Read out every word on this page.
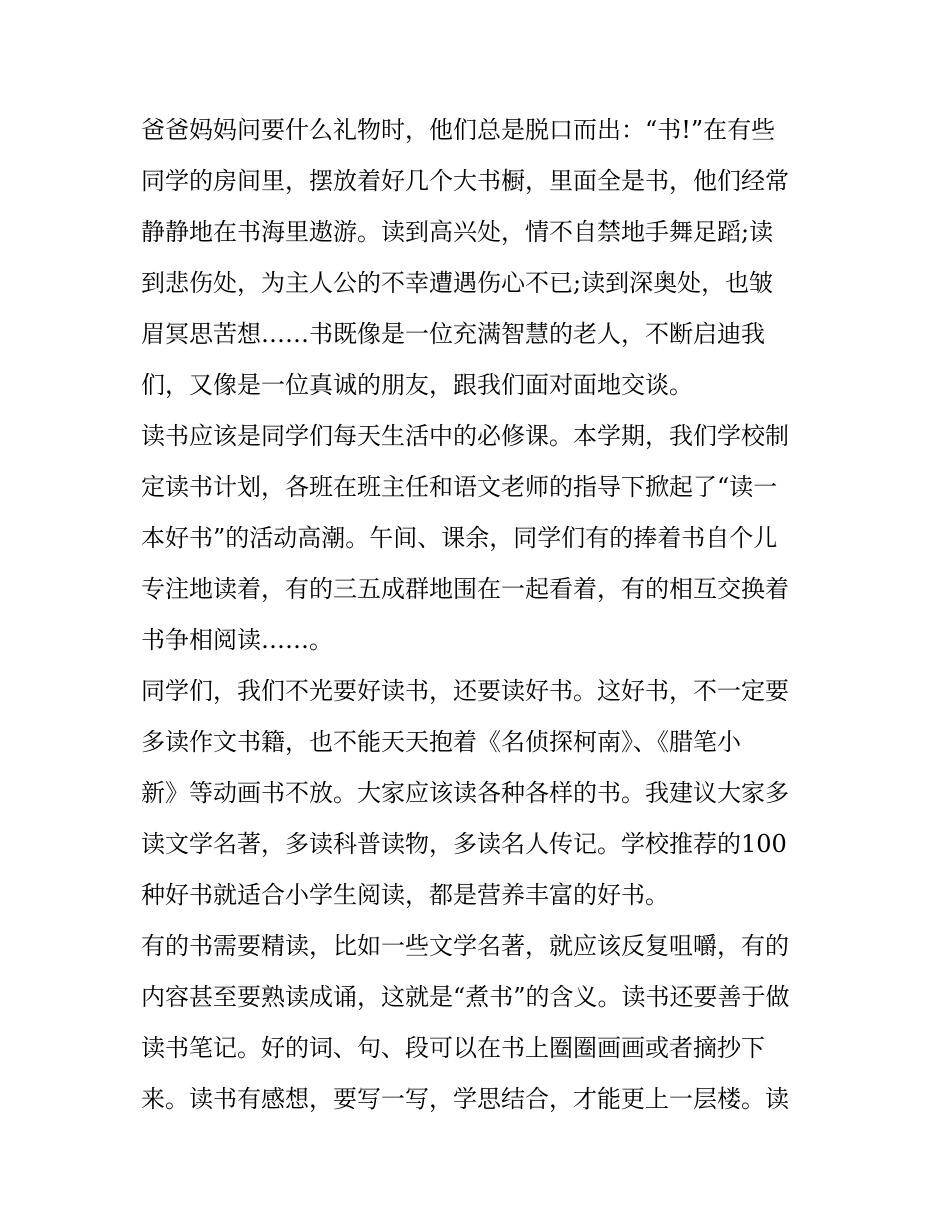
爸爸妈妈问要什么礼物时，他们总是脱口而出：“书!”在有些
同学的房间里，摆放着好几个大书橱，里面全是书，他们经常
静静地在书海里遨游。读到高兴处，情不自禁地手舞足蹈;读
到悲伤处，为主人公的不幸遭遇伤心不已;读到深奥处，也皱
眉冥思苦想……书既像是一位充满智慧的老人，不断启迪我
们，又像是一位真诚的朋友，跟我们面对面地交谈。
读书应该是同学们每天生活中的必修课。本学期，我们学校制
定读书计划，各班在班主任和语文老师的指导下掀起了“读一
本好书”的活动高潮。午间、课余，同学们有的捧着书自个儿
专注地读着，有的三五成群地围在一起看着，有的相互交换着
书争相阅读……。
同学们，我们不光要好读书，还要读好书。这好书，不一定要
多读作文书籍，也不能天天抱着《名侦探柯南》、《腊笔小
新》等动画书不放。大家应该读各种各样的书。我建议大家多
读文学名著，多读科普读物，多读名人传记。学校推荐的100
种好书就适合小学生阅读，都是营养丰富的好书。
有的书需要精读，比如一些文学名著，就应该反复咀嚼，有的
内容甚至要熟读成诵，这就是“煮书”的含义。读书还要善于做
读书笔记。好的词、句、段可以在书上圈圈画画或者摘抄下
来。读书有感想，要写一写，学思结合，才能更上一层楼。读
